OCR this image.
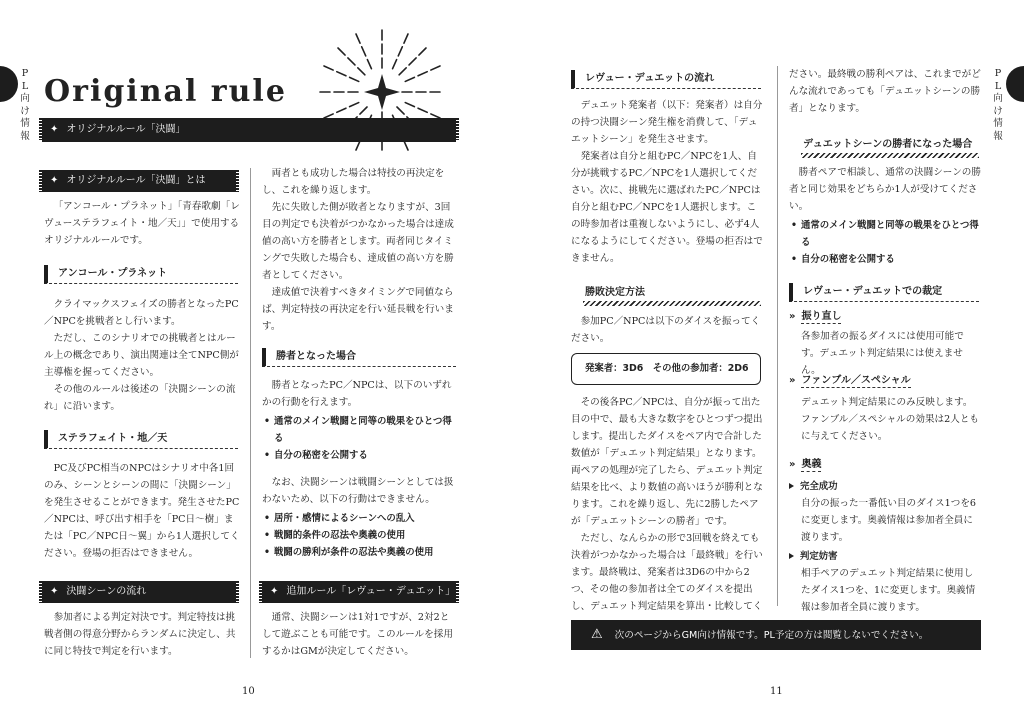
P
L
向
け
情
報
Original rule
✦ オリジナルルール「決闘」
✦ オリジナルルール「決闘」とは

「アンコール・プラネット」「青春歌劇「レヴューステラフェイト・地／天」」で使用するオリジナルルールです。

アンコール・プラネット

クライマックスフェイズの勝者となったPC／NPCを挑戦者とし行います。

ただし、このシナリオでの挑戦者とはルール上の概念であり、演出関連は全てNPC側が主導権を握ってください。

その他のルールは後述の「決闘シーンの流れ」に沿います。

ステラフェイト・地／天

PC及びPC相当のNPCはシナリオ中各1回のみ、シーンとシーンの間に「決闘シーン」を発生させることができます。発生させたPC／NPCは、呼び出す相手を「PC日〜樹」または「PC／NPC日〜翼」から1人選択してください。登場の拒否はできません。

✦ 決闘シーンの流れ

参加者による判定対決です。判定特技は挑戦者側の得意分野からランダムに決定し、共に同じ特技で判定を行います。

両者とも成功した場合は特技の再決定をし、これを繰り返します。

先に失敗した側が敗者となりますが、3回目の判定でも決着がつかなかった場合は達成値の高い方を勝者とします。両者同じタイミングで失敗した場合も、達成値の高い方を勝者としてください。

達成値で決着すべきタイミングで同値ならば、判定特技の再決定を行い延長戦を行います。

勝者となった場合

勝者となったPC／NPCは、以下のいずれかの行動を行えます。

• 通常のメイン戦闘と同等の戦果をひとつ得る
• 自分の秘密を公開する

なお、決闘シーンは戦闘シーンとしては扱わないため、以下の行動はできません。

• 居所・感情によるシーンへの乱入
• 戦闘的条件の忍法や奥義の使用
• 戦闘の勝利が条件の忍法や奥義の使用
✦ 追加ルール「レヴュー・デュエット」

通常、決闘シーンは1対1ですが、2対2として遊ぶことも可能です。このルールを採用するかはGMが決定してください。

10
P
L
向
け
情
報
レヴュー・デュエットの流れ

デュエット発案者（以下：発案者）は自分の持つ決闘シーン発生権を消費して、「デュエットシーン」を発生させます。

発案者は自分と組むPC／NPCを1人、自分が挑戦するPC／NPCを1人選択してください。次に、挑戦先に選ばれたPC／NPCは自分と組むPC／NPCを1人選択します。この時参加者は重複しないようにし、必ず4人になるようにしてください。登場の拒否はできません。

勝敗決定方法

参加PC／NPCは以下のダイスを振ってください。

発案者：3D6　その他の参加者：2D6

その後各PC／NPCは、自分が振って出た目の中で、最も大きな数字をひとつずつ提出します。提出したダイスをペア内で合計した数値が「デュエット判定結果」となります。両ペアの処理が完了したら、デュエット判定結果を比べ、より数値の高いほうが勝利となります。これを繰り返し、先に2勝したペアが「デュエットシーンの勝者」です。

ただし、なんらかの形で3回戦を終えても決着がつかなかった場合は「最終戦」を行います。最終戦は、発案者は3D6の中から2つ、その他の参加者は全てのダイスを提出し、デュエット判定結果を算出・比較してく

ださい。最終戦の勝利ペアは、これまでがどんな流れであっても「デュエットシーンの勝者」となります。

デュエットシーンの勝者になった場合

勝者ペアで相談し、通常の決闘シーンの勝者と同じ効果をどちらか1人が受けてください。

• 通常のメイン戦闘と同等の戦果をひとつ得る
• 自分の秘密を公開する
レヴュー・デュエットでの裁定
» 振り直し

各参加者の振るダイスには使用可能です。デュエット判定結果には使えません。

» ファンブル／スペシャル

デュエット判定結果にのみ反映します。ファンブル／スペシャルの効果は2人ともに与えてください。

» 奥義
完全成功

自分の振った一番低い目のダイス1つを6に変更します。奥義情報は参加者全員に渡ります。

判定妨害

相手ペアのデュエット判定結果に使用したダイス1つを、1に変更します。奥義情報は参加者全員に渡ります。

⚠ 次のページからGM向け情報です。PL予定の方は閲覧しないでください。
11
